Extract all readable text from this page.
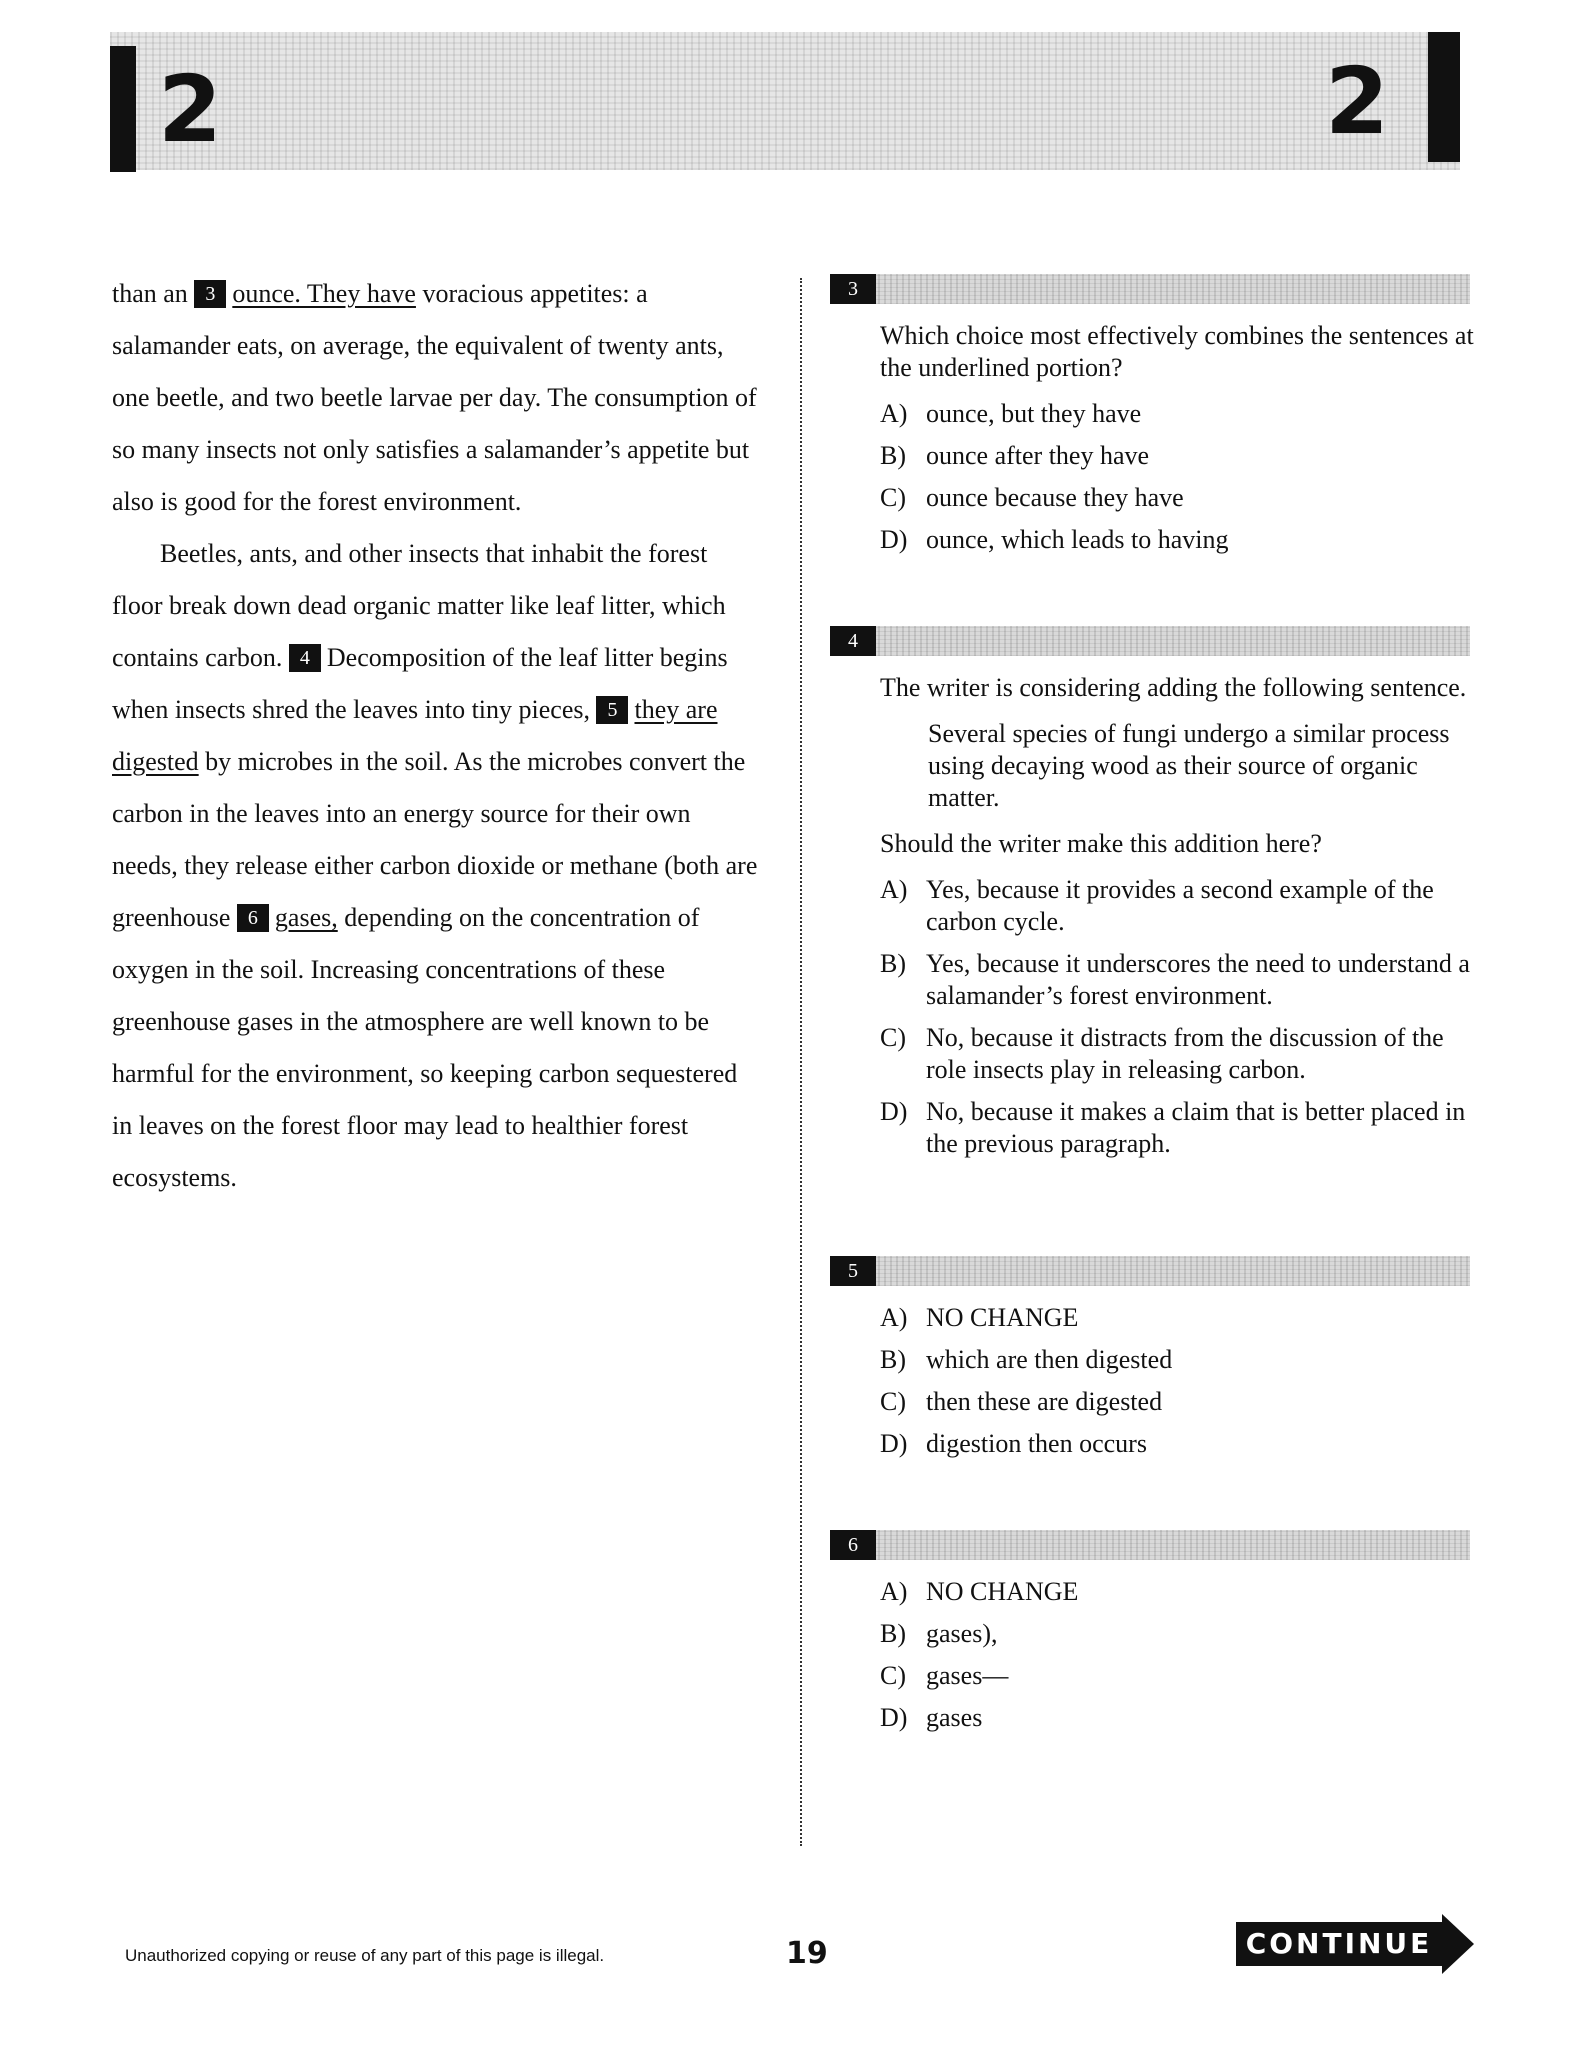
2	2

than an 3 ounce. They have voracious appetites: a salamander eats, on average, the equivalent of twenty ants, one beetle, and two beetle larvae per day. The consumption of so many insects not only satisfies a salamander’s appetite but also is good for the forest environment.

Beetles, ants, and other insects that inhabit the forest floor break down dead organic matter like leaf litter, which contains carbon. 4 Decomposition of the leaf litter begins when insects shred the leaves into tiny pieces, 5 they are digested by microbes in the soil. As the microbes convert the carbon in the leaves into an energy source for their own needs, they release either carbon dioxide or methane (both are greenhouse 6 gases, depending on the concentration of oxygen in the soil. Increasing concentrations of these greenhouse gases in the atmosphere are well known to be harmful for the environment, so keeping carbon sequestered in leaves on the forest floor may lead to healthier forest ecosystems.

3

Which choice most effectively combines the sentences at the underlined portion?

A) ounce, but they have
B) ounce after they have
C) ounce because they have
D) ounce, which leads to having
4

The writer is considering adding the following sentence.

Several species of fungi undergo a similar process using decaying wood as their source of organic matter.

Should the writer make this addition here?

A) Yes, because it provides a second example of the carbon cycle.
B) Yes, because it underscores the need to understand a salamander’s forest environment.
C) No, because it distracts from the discussion of the role insects play in releasing carbon.
D) No, because it makes a claim that is better placed in the previous paragraph.
5
A) NO CHANGE
B) which are then digested
C) then these are digested
D) digestion then occurs
6
A) NO CHANGE
B) gases),
C) gases—
D) gases
Unauthorized copying or reuse of any part of this page is illegal.	19	CONTINUE
